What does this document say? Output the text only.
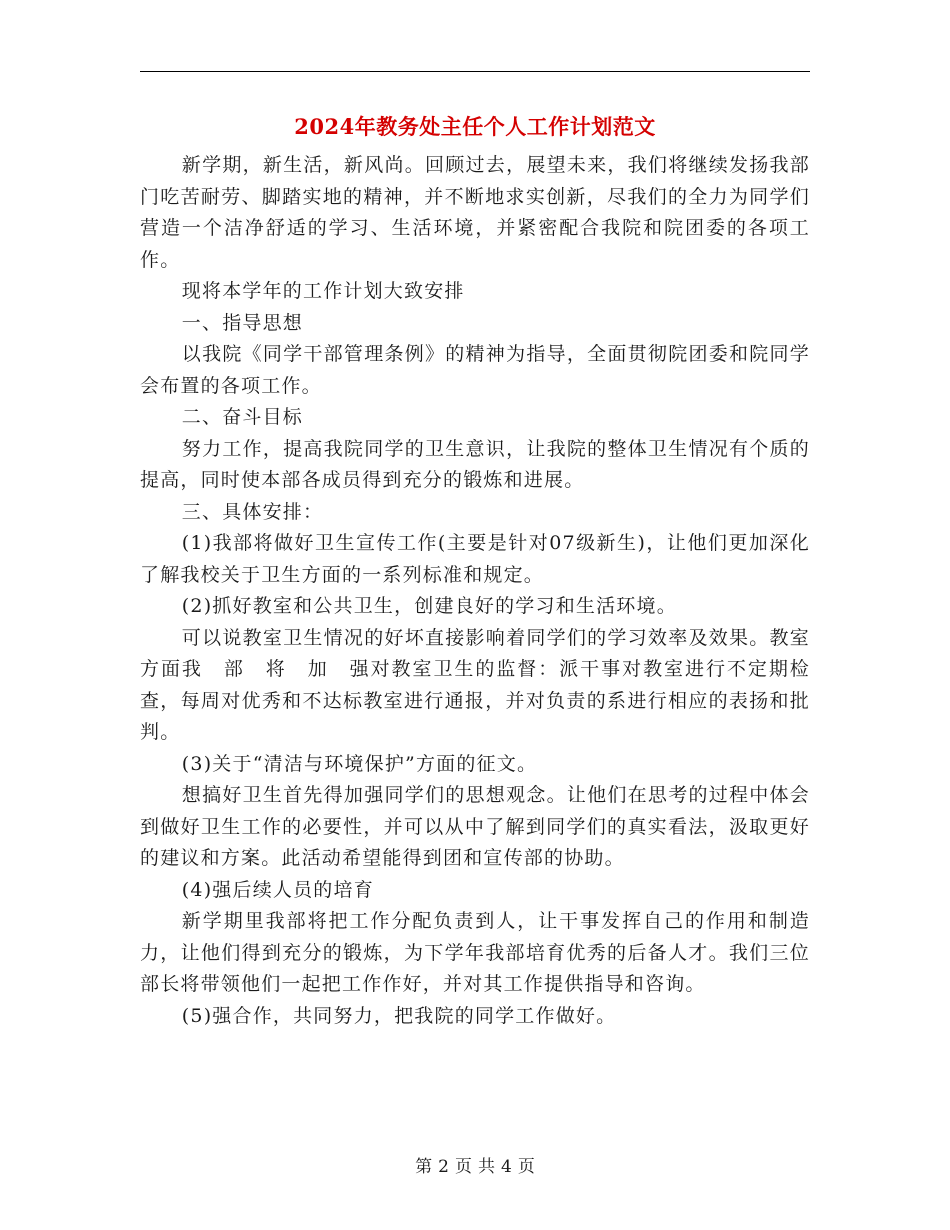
2024年教务处主任个人工作计划范文

新学期，新生活，新风尚。回顾过去，展望未来，我们将继续发扬我部门吃苦耐劳、脚踏实地的精神，并不断地求实创新，尽我们的全力为同学们营造一个洁净舒适的学习、生活环境，并紧密配合我院和院团委的各项工作。

现将本学年的工作计划大致安排

一、指导思想

以我院《同学干部管理条例》的精神为指导，全面贯彻院团委和院同学会布置的各项工作。

二、奋斗目标

努力工作，提高我院同学的卫生意识，让我院的整体卫生情况有个质的提高，同时使本部各成员得到充分的锻炼和进展。

三、具体安排：

(1)我部将做好卫生宣传工作(主要是针对07级新生)，让他们更加深化了解我校关于卫生方面的一系列标准和规定。

(2)抓好教室和公共卫生，创建良好的学习和生活环境。

可以说教室卫生情况的好坏直接影响着同学们的学习效率及效果。教室方面我　部　将　加　强对教室卫生的监督：派干事对教室进行不定期检查，每周对优秀和不达标教室进行通报，并对负责的系进行相应的表扬和批判。

(3)关于“清洁与环境保护”方面的征文。

想搞好卫生首先得加强同学们的思想观念。让他们在思考的过程中体会到做好卫生工作的必要性，并可以从中了解到同学们的真实看法，汲取更好的建议和方案。此活动希望能得到团和宣传部的协助。

(4)强后续人员的培育

新学期里我部将把工作分配负责到人，让干事发挥自己的作用和制造力，让他们得到充分的锻炼，为下学年我部培育优秀的后备人才。我们三位部长将带领他们一起把工作作好，并对其工作提供指导和咨询。

(5)强合作，共同努力，把我院的同学工作做好。

第 2 页 共 4 页
